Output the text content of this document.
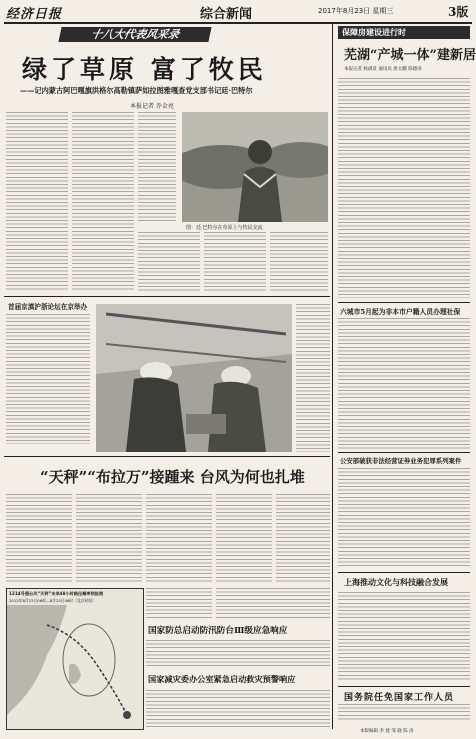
经济日报	综合新闻	2017年8月23日 星期三	3版
十八大代表风采录
绿了草原 富了牧民
——记内蒙古阿巴嘎旗洪格尔高勒镇萨如拉图雅嘎查党支部书记廷·巴特尔
本报记者 乔金亮
图：廷·巴特尔在草原上与牧民交流
保障房建设进行时
芜湖“产城一体”建新居
本报记者 杨满景 通讯员 唐太鹏 陈德涛
六城市5月起为非本市户籍人员办理社保
首届京滇沪浙论坛在京举办
“天秤”“布拉万”接踵来 台风为何也扎堆
1214号强台风“天秤”未来48小时路径概率预报图
2012年8月23日06时—8月25日06时（北京时间）
国家防总启动防汛防台Ⅲ级应急响应
国家减灾委办公室紧急启动救灾预警响应
公安部破获非法经营证券业务犯罪系列案件
上海推动文化与科技融合发展
国务院任免国家工作人员
本版编辑 李 建 邹 晓 陈 涛
